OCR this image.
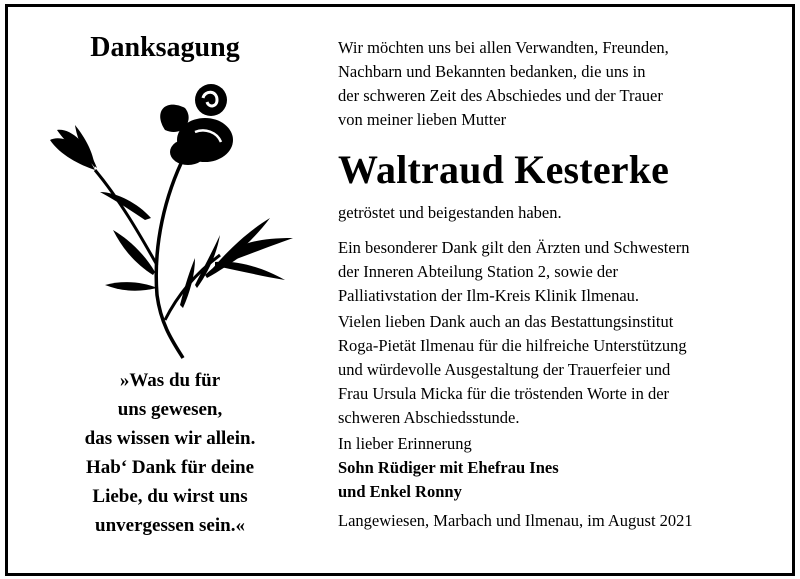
Danksagung
»Was du für
uns gewesen,
das wissen wir allein.
Hab‘ Dank für deine
Liebe, du wirst uns
unvergessen sein.«
Wir möchten uns bei allen Verwandten, Freunden,
Nachbarn und Bekannten bedanken, die uns in
der schweren Zeit des Abschiedes und der Trauer
von meiner lieben Mutter
Waltraud Kesterke
getröstet und beigestanden haben.
Ein besonderer Dank gilt den Ärzten und Schwestern
der Inneren Abteilung Station 2, sowie der
Palliativstation der Ilm-Kreis Klinik Ilmenau.
Vielen lieben Dank auch an das Bestattungsinstitut
Roga-Pietät Ilmenau für die hilfreiche Unterstützung
und würdevolle Ausgestaltung der Trauerfeier und
Frau Ursula Micka für die tröstenden Worte in der
schweren Abschiedsstunde.
In lieber Erinnerung
Sohn Rüdiger mit Ehefrau Ines
und Enkel Ronny
Langewiesen, Marbach und Ilmenau, im August 2021
